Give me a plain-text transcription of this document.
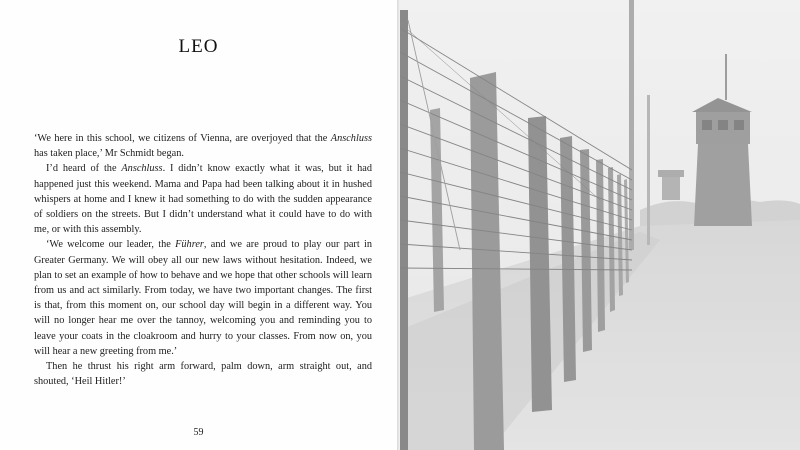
LEO

‘We here in this school, we citizens of Vienna, are overjoyed that the Anschluss has taken place,’ Mr Schmidt began.

I’d heard of the Anschluss. I didn’t know exactly what it was, but it had happened just this weekend. Mama and Papa had been talking about it in hushed whispers at home and I knew it had something to do with the sudden appearance of soldiers on the streets. But I didn’t understand what it could have to do with me, or with this assembly.

‘We welcome our leader, the Führer, and we are proud to play our part in Greater Germany. We will obey all our new laws without hesitation. Indeed, we plan to set an example of how to behave and we hope that other schools will learn from us and act similarly. From today, we have two important changes. The first is that, from this moment on, our school day will begin in a different way. You will no longer hear me over the tannoy, welcoming you and reminding you to leave your coats in the cloakroom and hurry to your classes. From now on, you will hear a new greeting from me.’

Then he thrust his right arm forward, palm down, arm straight out, and shouted, ‘Heil Hitler!’

59
